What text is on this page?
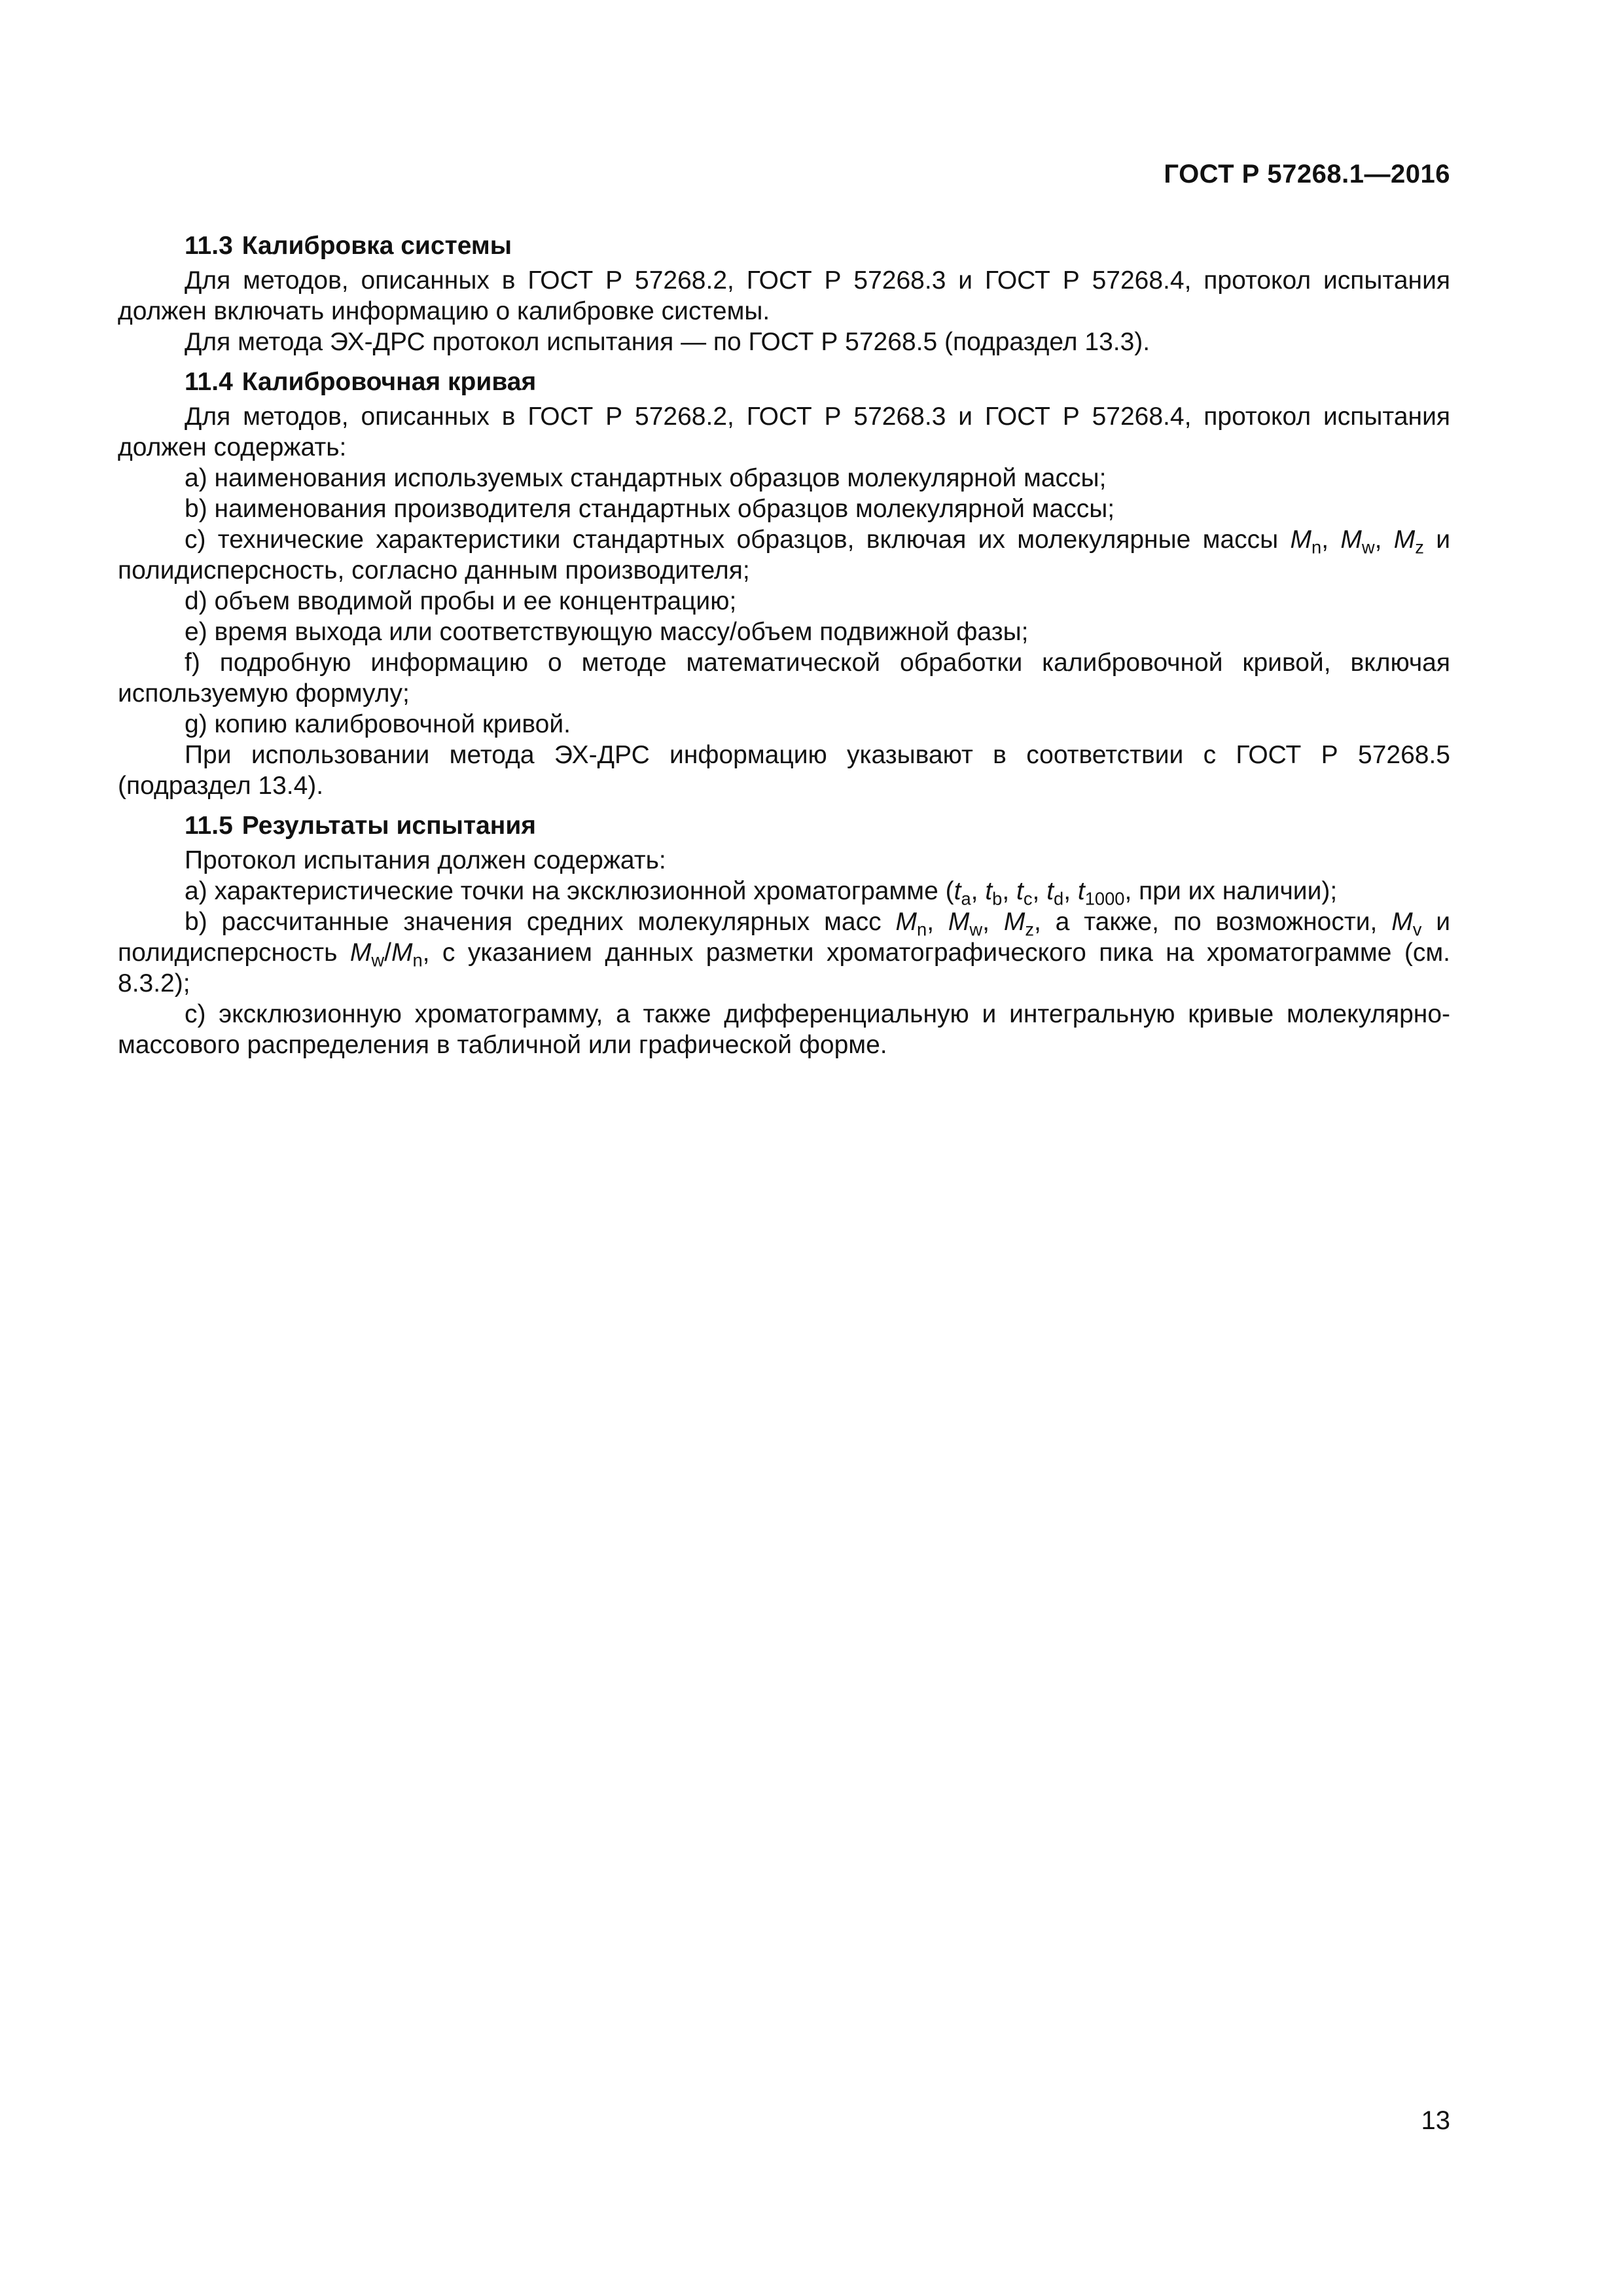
ГОСТ Р 57268.1—2016

11.3 Калибровка системы

Для методов, описанных в ГОСТ Р 57268.2, ГОСТ Р 57268.3 и ГОСТ Р 57268.4, протокол испытания должен включать информацию о калибровке системы.

Для метода ЭХ-ДРС протокол испытания — по ГОСТ Р 57268.5 (подраздел 13.3).

11.4 Калибровочная кривая

Для методов, описанных в ГОСТ Р 57268.2, ГОСТ Р 57268.3 и ГОСТ Р 57268.4, протокол испытания должен содержать:

a) наименования используемых стандартных образцов молекулярной массы;

b) наименования производителя стандартных образцов молекулярной массы;

c) технические характеристики стандартных образцов, включая их молекулярные массы $M_n$, $M_w$, $M_z$ и полидисперсность, согласно данным производителя;

d) объем вводимой пробы и ее концентрацию;

e) время выхода или соответствующую массу/объем подвижной фазы;

f) подробную информацию о методе математической обработки калибровочной кривой, включая используемую формулу;

g) копию калибровочной кривой.

При использовании метода ЭХ-ДРС информацию указывают в соответствии с ГОСТ Р 57268.5 (подраздел 13.4).

11.5 Результаты испытания

Протокол испытания должен содержать:

a) характеристические точки на эксклюзионной хроматограмме ($t_a$, $t_b$, $t_c$, $t_d$, $t_{1000}$, при их наличии);

b) рассчитанные значения средних молекулярных масс $M_n$, $M_w$, $M_z$, а также, по возможности, $M_v$ и полидисперсность $M_w/M_n$, с указанием данных разметки хроматографического пика на хроматограмме (см. 8.3.2);

c) эксклюзионную хроматограмму, а также дифференциальную и интегральную кривые молекулярно-массового распределения в табличной или графической форме.

13
